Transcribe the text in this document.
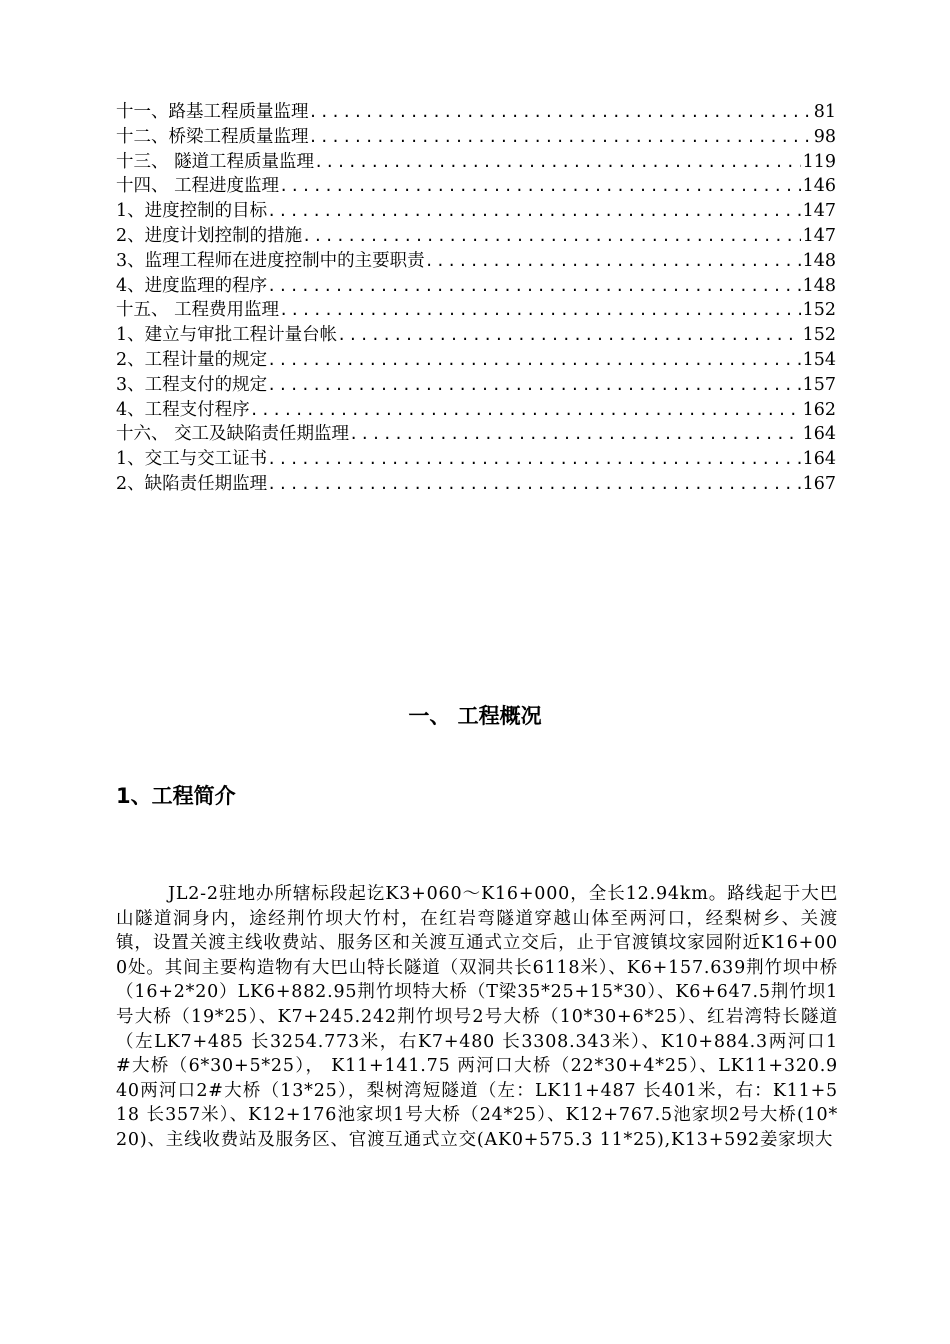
十一、路基工程质量监理 .....	81
十二、桥梁工程质量监理 .....	98
十三、 隧道工程质量监理 .....	119
十四、 工程进度监理 .....	146
1、进度控制的目标 .....	147
2、进度计划控制的措施 .....	147
3、监理工程师在进度控制中的主要职责 .....	148
4、进度监理的程序 .....	148
十五、 工程费用监理 .....	152
1、建立与审批工程计量台帐 .....	152
2、工程计量的规定 .....	154
3、工程支付的规定 .....	157
4、工程支付程序 .....	162
十六、 交工及缺陷责任期监理 .....	164
1、交工与交工证书 .....	164
2、缺陷责任期监理 .....	167
一、 工程概况
1、工程简介
JL2-2驻地办所辖标段起讫K3+060～K16+000，全长12.94km。路线起于大巴山隧道洞身内，途经荆竹坝大竹村，在红岩弯隧道穿越山体至两河口，经梨树乡、关渡镇，设置关渡主线收费站、服务区和关渡互通式立交后，止于官渡镇坟家园附近K16+000处。其间主要构造物有大巴山特长隧道（双洞共长6118米）、K6+157.639荆竹坝中桥（16+2*20）LK6+882.95荆竹坝特大桥（T梁35*25+15*30）、K6+647.5荆竹坝1号大桥（19*25）、K7+245.242荆竹坝号2号大桥（10*30+6*25）、红岩湾特长隧道（左LK7+485 长3254.773米，右K7+480 长3308.343米）、K10+884.3两河口1#大桥（6*30+5*25）， K11+141.75 两河口大桥（22*30+4*25）、LK11+320.940两河口2#大桥（13*25），梨树湾短隧道（左：LK11+487 长401米，右：K11+518 长357米）、K12+176池家坝1号大桥（24*25）、K12+767.5池家坝2号大桥(10*20)、主线收费站及服务区、官渡互通式立交(AK0+575.3 11*25),K13+592姜家坝大
